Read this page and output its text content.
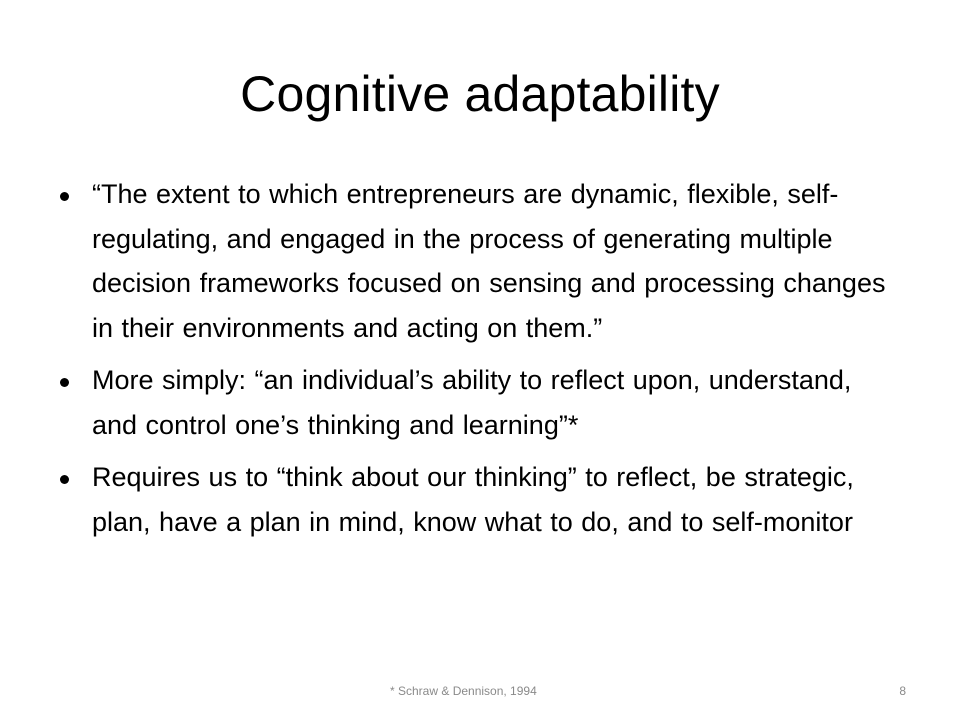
Cognitive adaptability
“The extent to which entrepreneurs are dynamic, flexible, self-regulating, and engaged in the process of generating multiple decision frameworks focused on sensing and processing changes in their environments and acting on them.”
More simply: “an individual’s ability to reflect upon, understand, and control one’s thinking and learning”*
Requires us to “think about our thinking” to reflect, be strategic, plan, have a plan in mind, know what to do, and to self-monitor
* Schraw & Dennison, 1994	8
